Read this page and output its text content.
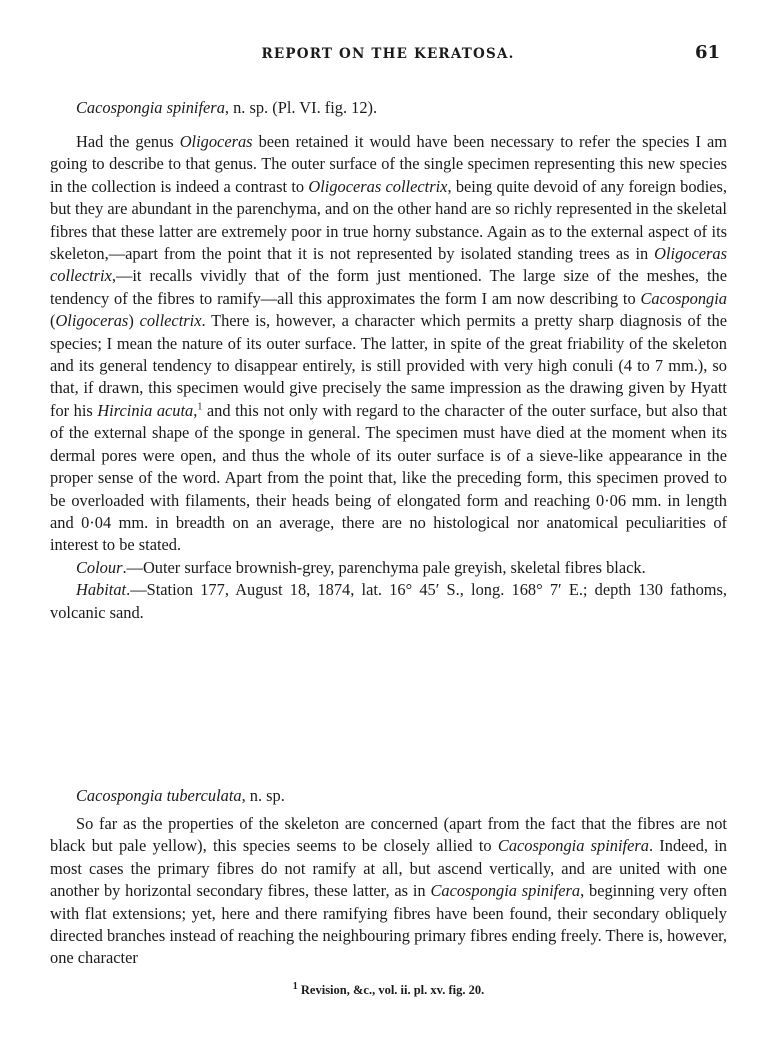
REPORT ON THE KERATOSA.	61
Cacospongia spinifera, n. sp. (Pl. VI. fig. 12).

Had the genus Oligoceras been retained it would have been necessary to refer the species I am going to describe to that genus. The outer surface of the single specimen representing this new species in the collection is indeed a contrast to Oligoceras collectrix, being quite devoid of any foreign bodies, but they are abundant in the parenchyma, and on the other hand are so richly represented in the skeletal fibres that these latter are extremely poor in true horny substance. Again as to the external aspect of its skeleton,—apart from the point that it is not represented by isolated standing trees as in Oligoceras collectrix,—it recalls vividly that of the form just mentioned. The large size of the meshes, the tendency of the fibres to ramify—all this approximates the form I am now describing to Cacospongia (Oligoceras) collectrix. There is, however, a character which permits a pretty sharp diagnosis of the species; I mean the nature of its outer surface. The latter, in spite of the great friability of the skeleton and its general tendency to disappear entirely, is still provided with very high conuli (4 to 7 mm.), so that, if drawn, this specimen would give precisely the same impression as the drawing given by Hyatt for his Hircinia acuta,$^1$ and this not only with regard to the character of the outer surface, but also that of the external shape of the sponge in general. The specimen must have died at the moment when its dermal pores were open, and thus the whole of its outer surface is of a sieve-like appearance in the proper sense of the word. Apart from the point that, like the preceding form, this specimen proved to be overloaded with filaments, their heads being of elongated form and reaching 0·06 mm. in length and 0·04 mm. in breadth on an average, there are no histological nor anatomical peculiarities of interest to be stated.

Colour.—Outer surface brownish-grey, parenchyma pale greyish, skeletal fibres black.

Habitat.—Station 177, August 18, 1874, lat. 16° 45′ S., long. 168° 7′ E.; depth 130 fathoms, volcanic sand.

Cacospongia tuberculata, n. sp.

So far as the properties of the skeleton are concerned (apart from the fact that the fibres are not black but pale yellow), this species seems to be closely allied to Cacospongia spinifera. Indeed, in most cases the primary fibres do not ramify at all, but ascend vertically, and are united with one another by horizontal secondary fibres, these latter, as in Cacospongia spinifera, beginning very often with flat extensions; yet, here and there ramifying fibres have been found, their secondary obliquely directed branches instead of reaching the neighbouring primary fibres ending freely. There is, however, one character

$^1$ Revision, &c., vol. ii. pl. xv. fig. 20.
